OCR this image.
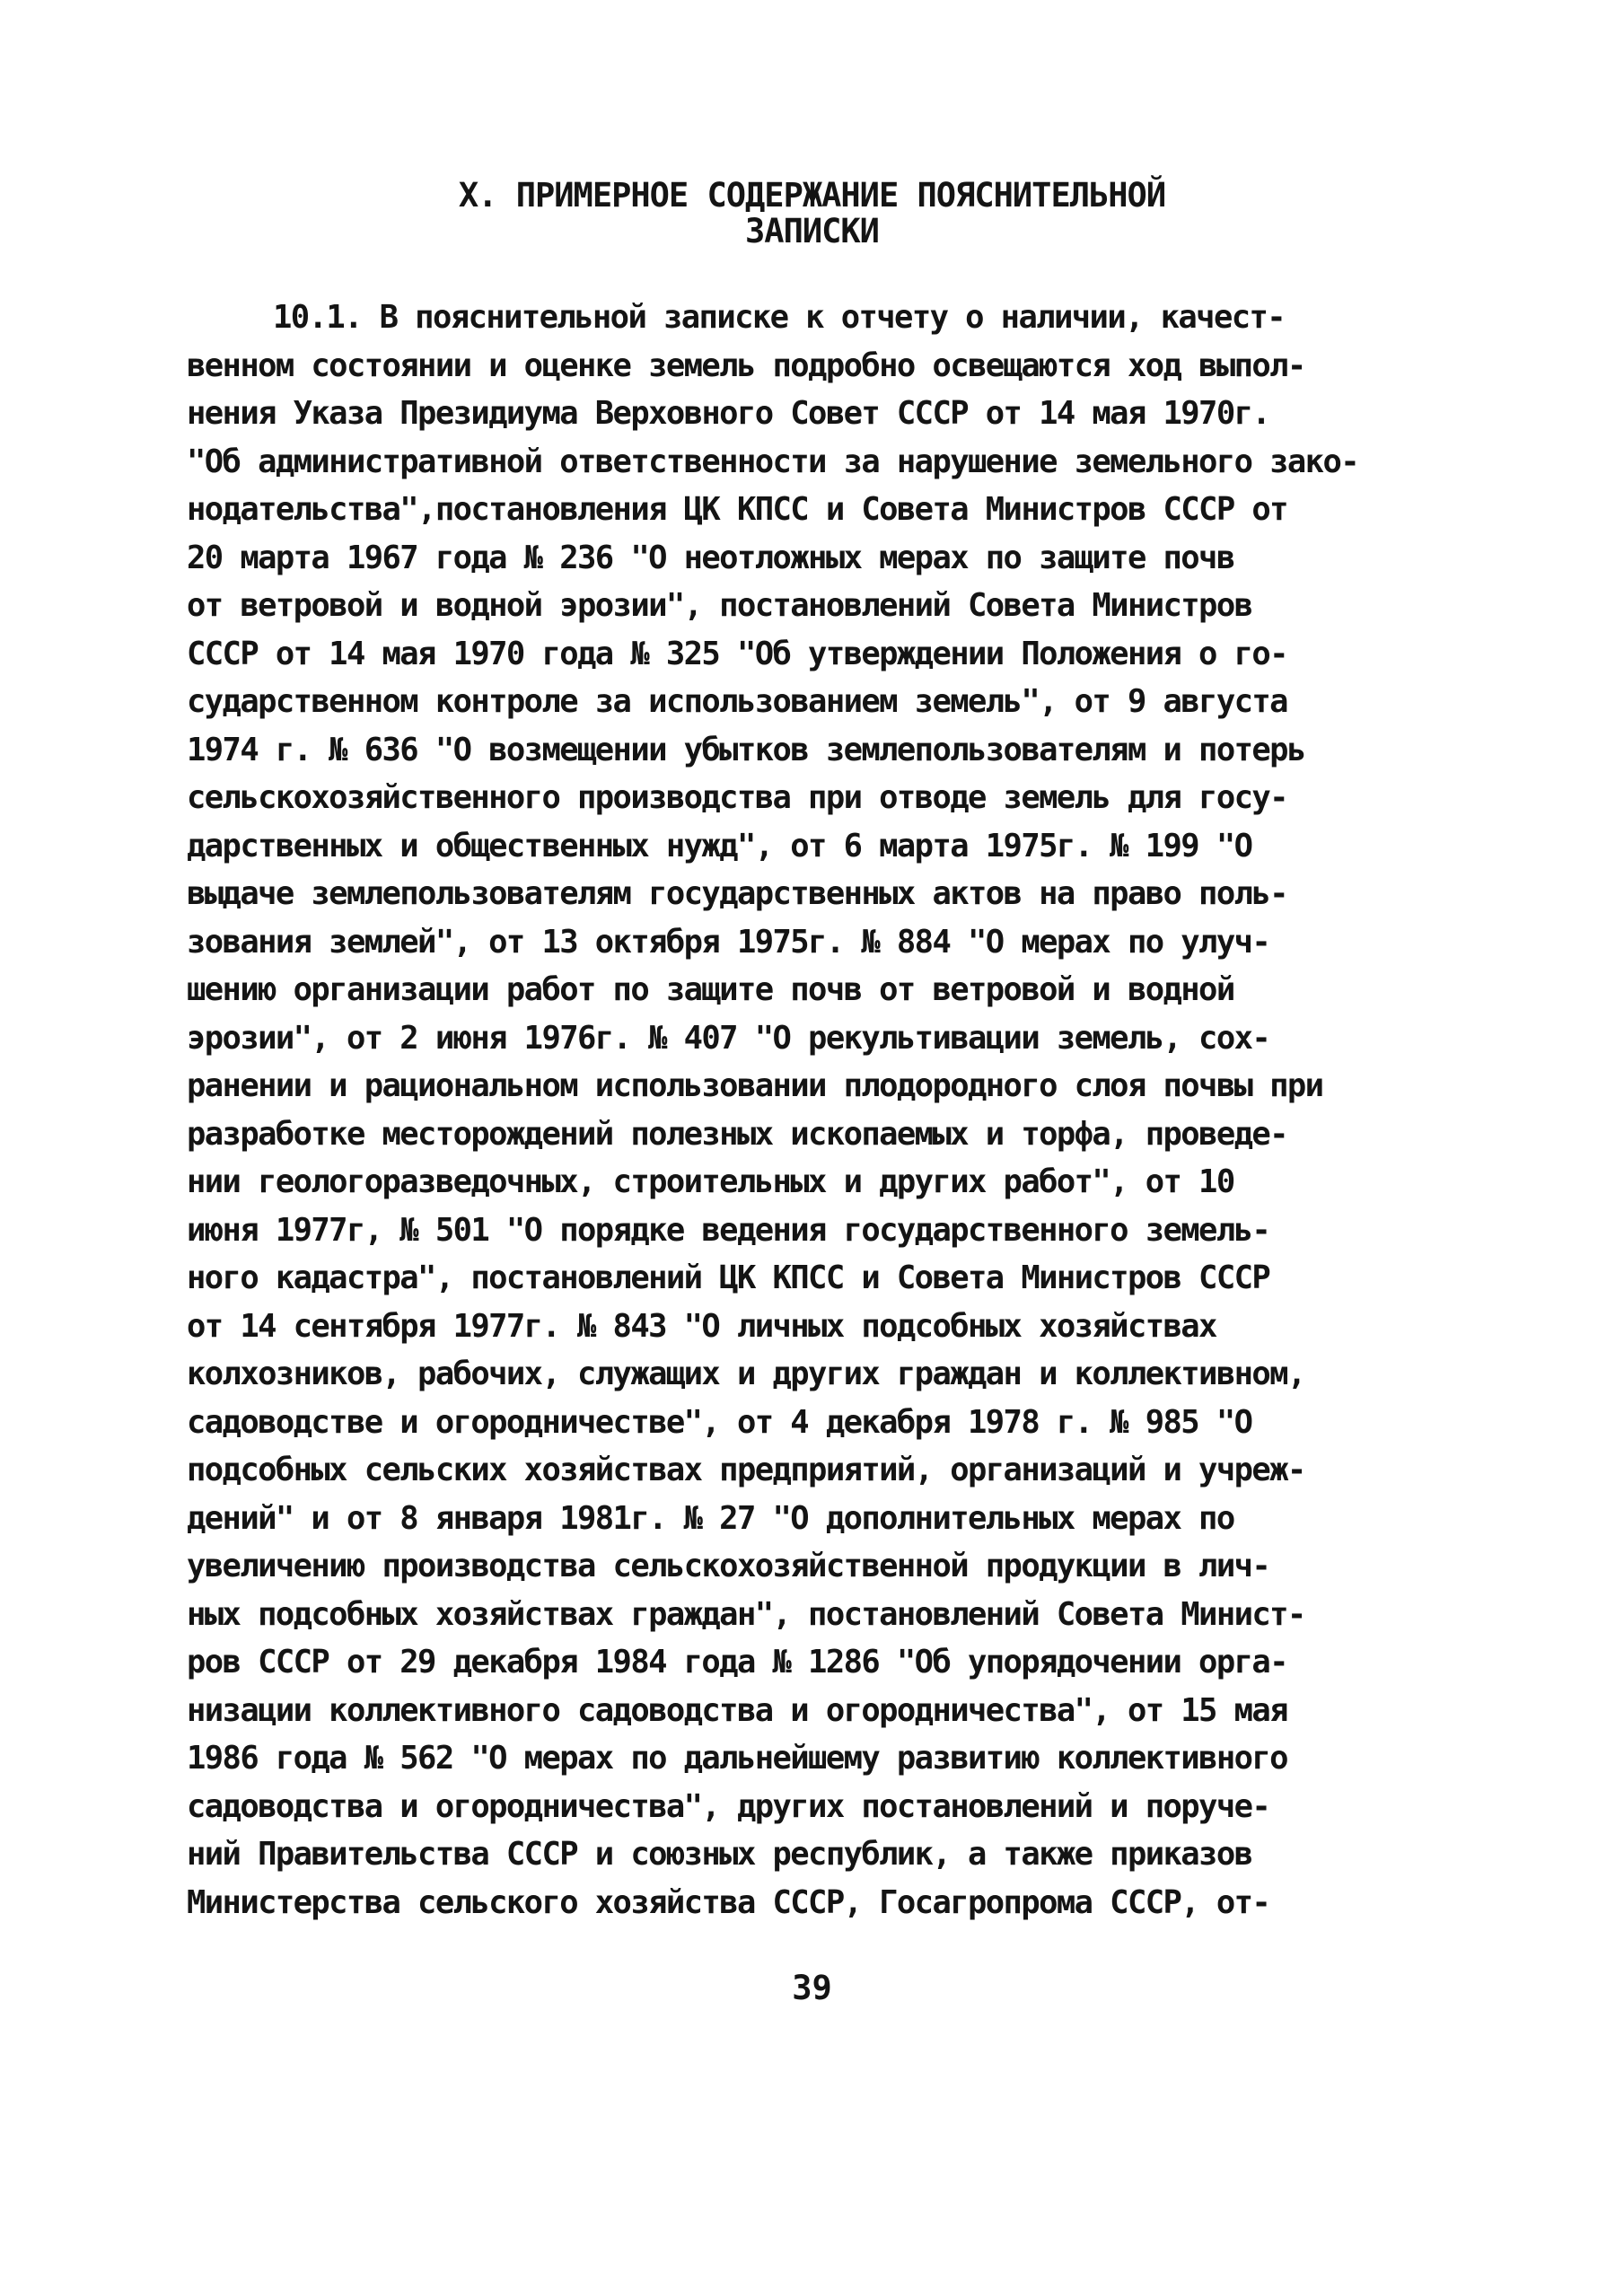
X. ПРИМЕРНОЕ СОДЕРЖАНИЕ ПОЯСНИТЕЛЬНОЙ
ЗАПИСКИ
10.1. В пояснительной записке к отчету о наличии, качест-
венном состоянии и оценке земель подробно освещаются ход выпол-
нения Указа Президиума Верховного Совет СССР от 14 мая 1970г.
"Об административной ответственности за нарушение земельного зако-
нодательства",постановления ЦК КПСС и Совета Министров СССР от
20 марта 1967 года № 236 "О неотложных мерах по защите почв
от ветровой и водной эрозии", постановлений Совета Министров
СССР от 14 мая 1970 года № 325 "Об утверждении Положения о го-
сударственном контроле за использованием земель", от 9 августа
1974 г. № 636 "О возмещении убытков землепользователям и потерь
сельскохозяйственного производства при отводе земель для госу-
дарственных и общественных нужд", от 6 марта 1975г. № 199 "О
выдаче землепользователям государственных актов на право поль-
зования землей", от 13 октября 1975г. № 884 "О мерах по улуч-
шению организации работ по защите почв от ветровой и водной
эрозии", от 2 июня 1976г. № 407 "О рекультивации земель, сох-
ранении и рациональном использовании плодородного слоя почвы при
разработке месторождений полезных ископаемых и торфа, проведе-
нии геологоразведочных, строительных и других работ", от 10
июня 1977г, № 501 "О порядке ведения государственного земель-
ного кадастра", постановлений ЦК КПСС и Совета Министров СССР
от 14 сентября 1977г. № 843 "О личных подсобных хозяйствах
колхозников, рабочих, служащих и других граждан и коллективном,
садоводстве и огородничестве", от 4 декабря 1978 г. № 985 "О
подсобных сельских хозяйствах предприятий, организаций и учреж-
дений" и от 8 января 1981г. № 27 "О дополнительных мерах по
увеличению производства сельскохозяйственной продукции в лич-
ных подсобных хозяйствах граждан", постановлений Совета Минист-
ров СССР от 29 декабря 1984 года № 1286 "Об упорядочении орга-
низации коллективного садоводства и огородничества", от 15 мая
1986 года № 562 "О мерах по дальнейшему развитию коллективного
садоводства и огородничества", других постановлений и поруче-
ний Правительства СССР и союзных республик, а также приказов
Министерства сельского хозяйства СССР, Госагропрома СССР, от-
39
